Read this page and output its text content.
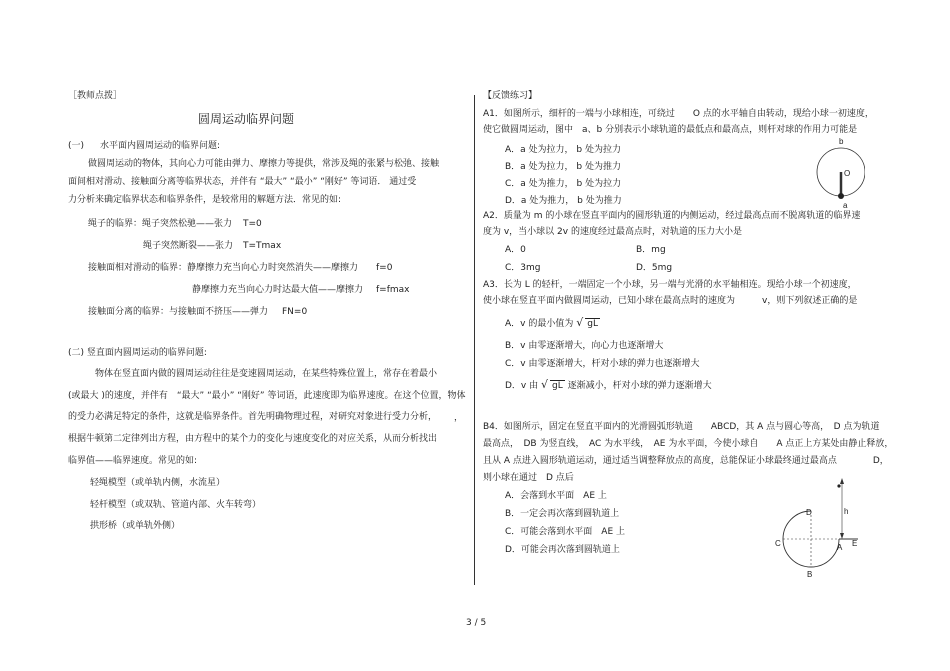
［教师点拨］
圆周运动临界问题
(一) 水平面内圆周运动的临界问题:
做圆周运动的物体，其向心力可能由弹力、摩擦力等提供，常涉及绳的张紧与松弛、接触
面间相对滑动、接触面分离等临界状态，并伴有 “最大” “最小” “刚好” 等词语． 通过受
力分析来确定临界状态和临界条件，是较常用的解题方法．常见的如:
绳子的临界：绳子突然松驰——张力 T=0
绳子突然断裂——张力 T=Tmax
接触面相对滑动的临界：静摩擦力充当向心力时突然消失——摩擦力 f=0
静摩擦力充当向心力时达最大值——摩擦力 f=fmax
接触面分离的临界：与接触面不挤压——弹力 FN=0
(二) 竖直面内圆周运动的临界问题:
物体在竖直面内做的圆周运动往往是变速圆周运动，在某些特殊位置上，常存在着最小
(或最大 )的速度，并伴有　“最大” “最小” “刚好” 等词语，此速度即为临界速度。在这个位置，物体
的受力必满足特定的条件，这就是临界条件。首先明确物理过程，对研究对象进行受力分析，
根据牛顿第二定律列出方程，由方程中的某个力的变化与速度变化的对应关系，从而分析找出
临界值——临界速度。常见的如:
轻绳模型（或单轨内侧，水流星）
轻杆模型（或双轨、管道内部、火车转弯）
拱形桥（或单轨外侧）
，
【反馈练习】
A1．如图所示，细杆的一端与小球相连，可绕过　　O 点的水平轴自由转动，现给小球一初速度，
使它做圆周运动，图中　a、b 分别表示小球轨道的最低点和最高点，则杆对球的作用力可能是
A．a 处为拉力， b 处为拉力
B．a 处为拉力， b 处为推力
C．a 处为推力， b 处为拉力
D．a 处为推力， b 处为推力
b
O
a
A2．质量为 m 的小球在竖直平面内的圆形轨道的内侧运动，经过最高点而不脱离轨道的临界速
度为 v，当小球以 2v 的速度经过最高点时，对轨道的压力大小是
A．0	B．mg
C．3mg	D．5mg
A3．长为 L 的轻杆，一端固定一个小球，另一端与光滑的水平轴相连。现给小球一个初速度，
使小球在竖直平面内做圆周运动，已知小球在最高点时的速度为　　　v，则下列叙述正确的是
A．v 的最小值为 √ gL
B．v 由零逐渐增大，向心力也逐渐增大
C．v 由零逐渐增大，杆对小球的弹力也逐渐增大
D．v 由 √ gL 逐渐减小，杆对小球的弹力逐渐增大
B4．如图所示，固定在竖直平面内的光滑圆弧形轨道　　ABCD，其 A 点与圆心等高，　D 点为轨道
最高点，　DB 为竖直线，　AC 为水平线，　AE 为水平面，今使小球自　　A 点正上方某处由静止释放，
且从 A 点进入圆形轨道运动，通过适当调整释放点的高度，总能保证小球最终通过最高点　　　　D，
则小球在通过　D 点后
A．会落到水平面　AE 上
B．一定会再次落到圆轨道上
C．可能会落到水平面　AE 上
D．可能会再次落到圆轨道上
D	h
C	A E
B
3 / 5
